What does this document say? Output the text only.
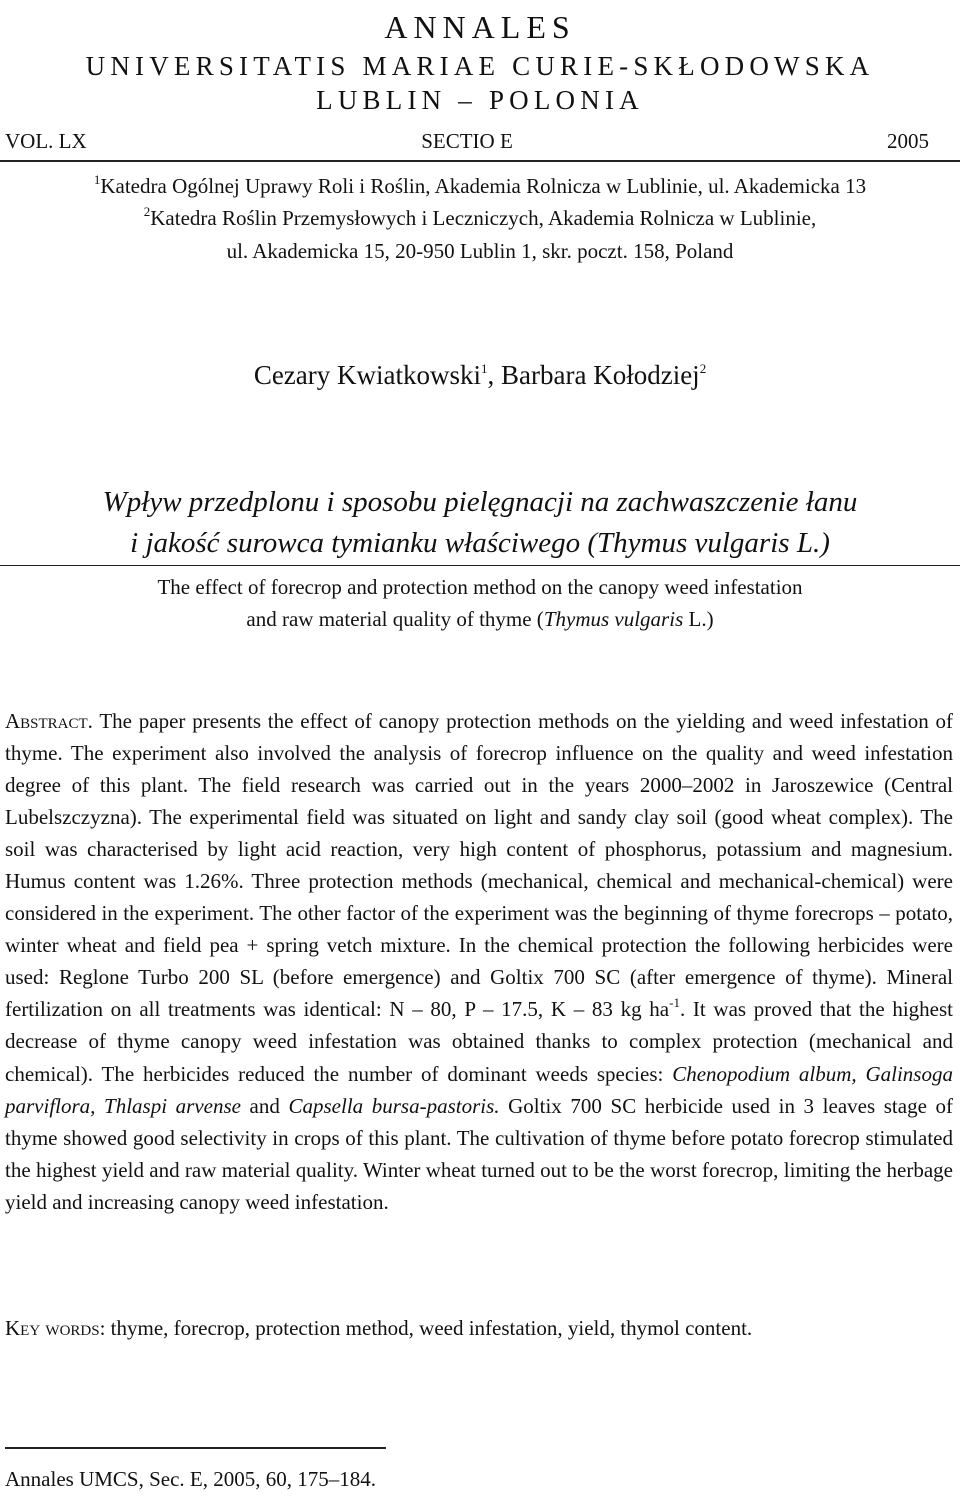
ANNALES
UNIVERSITATIS MARIAE CURIE-SKŁODOWSKA
LUBLIN – POLONIA
VOL. LX	SECTIO E	2005
$^1$Katedra Ogólnej Uprawy Roli i Roślin, Akademia Rolnicza w Lublinie, ul. Akademicka 13
$^2$Katedra Roślin Przemysłowych i Leczniczych, Akademia Rolnicza w Lublinie,
ul. Akademicka 15, 20-950 Lublin 1, skr. poczt. 158, Poland
Cezary Kwiatkowski$^1$, Barbara Kołodziej$^2$
Wpływ przedplonu i sposobu pielęgnacji na zachwaszczenie łanu
i jakość surowca tymianku właściwego (Thymus vulgaris L.)
The effect of forecrop and protection method on the canopy weed infestation
and raw material quality of thyme (Thymus vulgaris L.)
Abstract. The paper presents the effect of canopy protection methods on the yielding and weed infestation of thyme. The experiment also involved the analysis of forecrop influence on the quality and weed infestation degree of this plant. The field research was carried out in the years 2000–2002 in Jaroszewice (Central Lubelszczyzna). The experimental field was situated on light and sandy clay soil (good wheat complex). The soil was characterised by light acid reaction, very high content of phosphorus, potassium and magnesium. Humus content was 1.26%. Three protection methods (mechanical, chemical and mechanical-chemical) were considered in the experiment. The other factor of the experiment was the beginning of thyme forecrops – potato, winter wheat and field pea + spring vetch mixture. In the chemical protection the following herbicides were used: Reglone Turbo 200 SL (before emergence) and Goltix 700 SC (after emergence of thyme). Mineral fertilization on all treatments was identical: N – 80, P – 17.5, K – 83 kg $ha^{-1}$. It was proved that the highest decrease of thyme canopy weed infestation was obtained thanks to complex protection (mechanical and chemical). The herbicides reduced the number of dominant weeds species: Chenopodium album, Galinsoga parviflora, Thlaspi arvense and Capsella bursa-pastoris. Goltix 700 SC herbicide used in 3 leaves stage of thyme showed good selectivity in crops of this plant. The cultivation of thyme before potato forecrop stimulated the highest yield and raw material quality. Winter wheat turned out to be the worst forecrop, limiting the herbage yield and increasing canopy weed infestation.
Key words: thyme, forecrop, protection method, weed infestation, yield, thymol content.
Annales UMCS, Sec. E, 2005, 60, 175–184.
